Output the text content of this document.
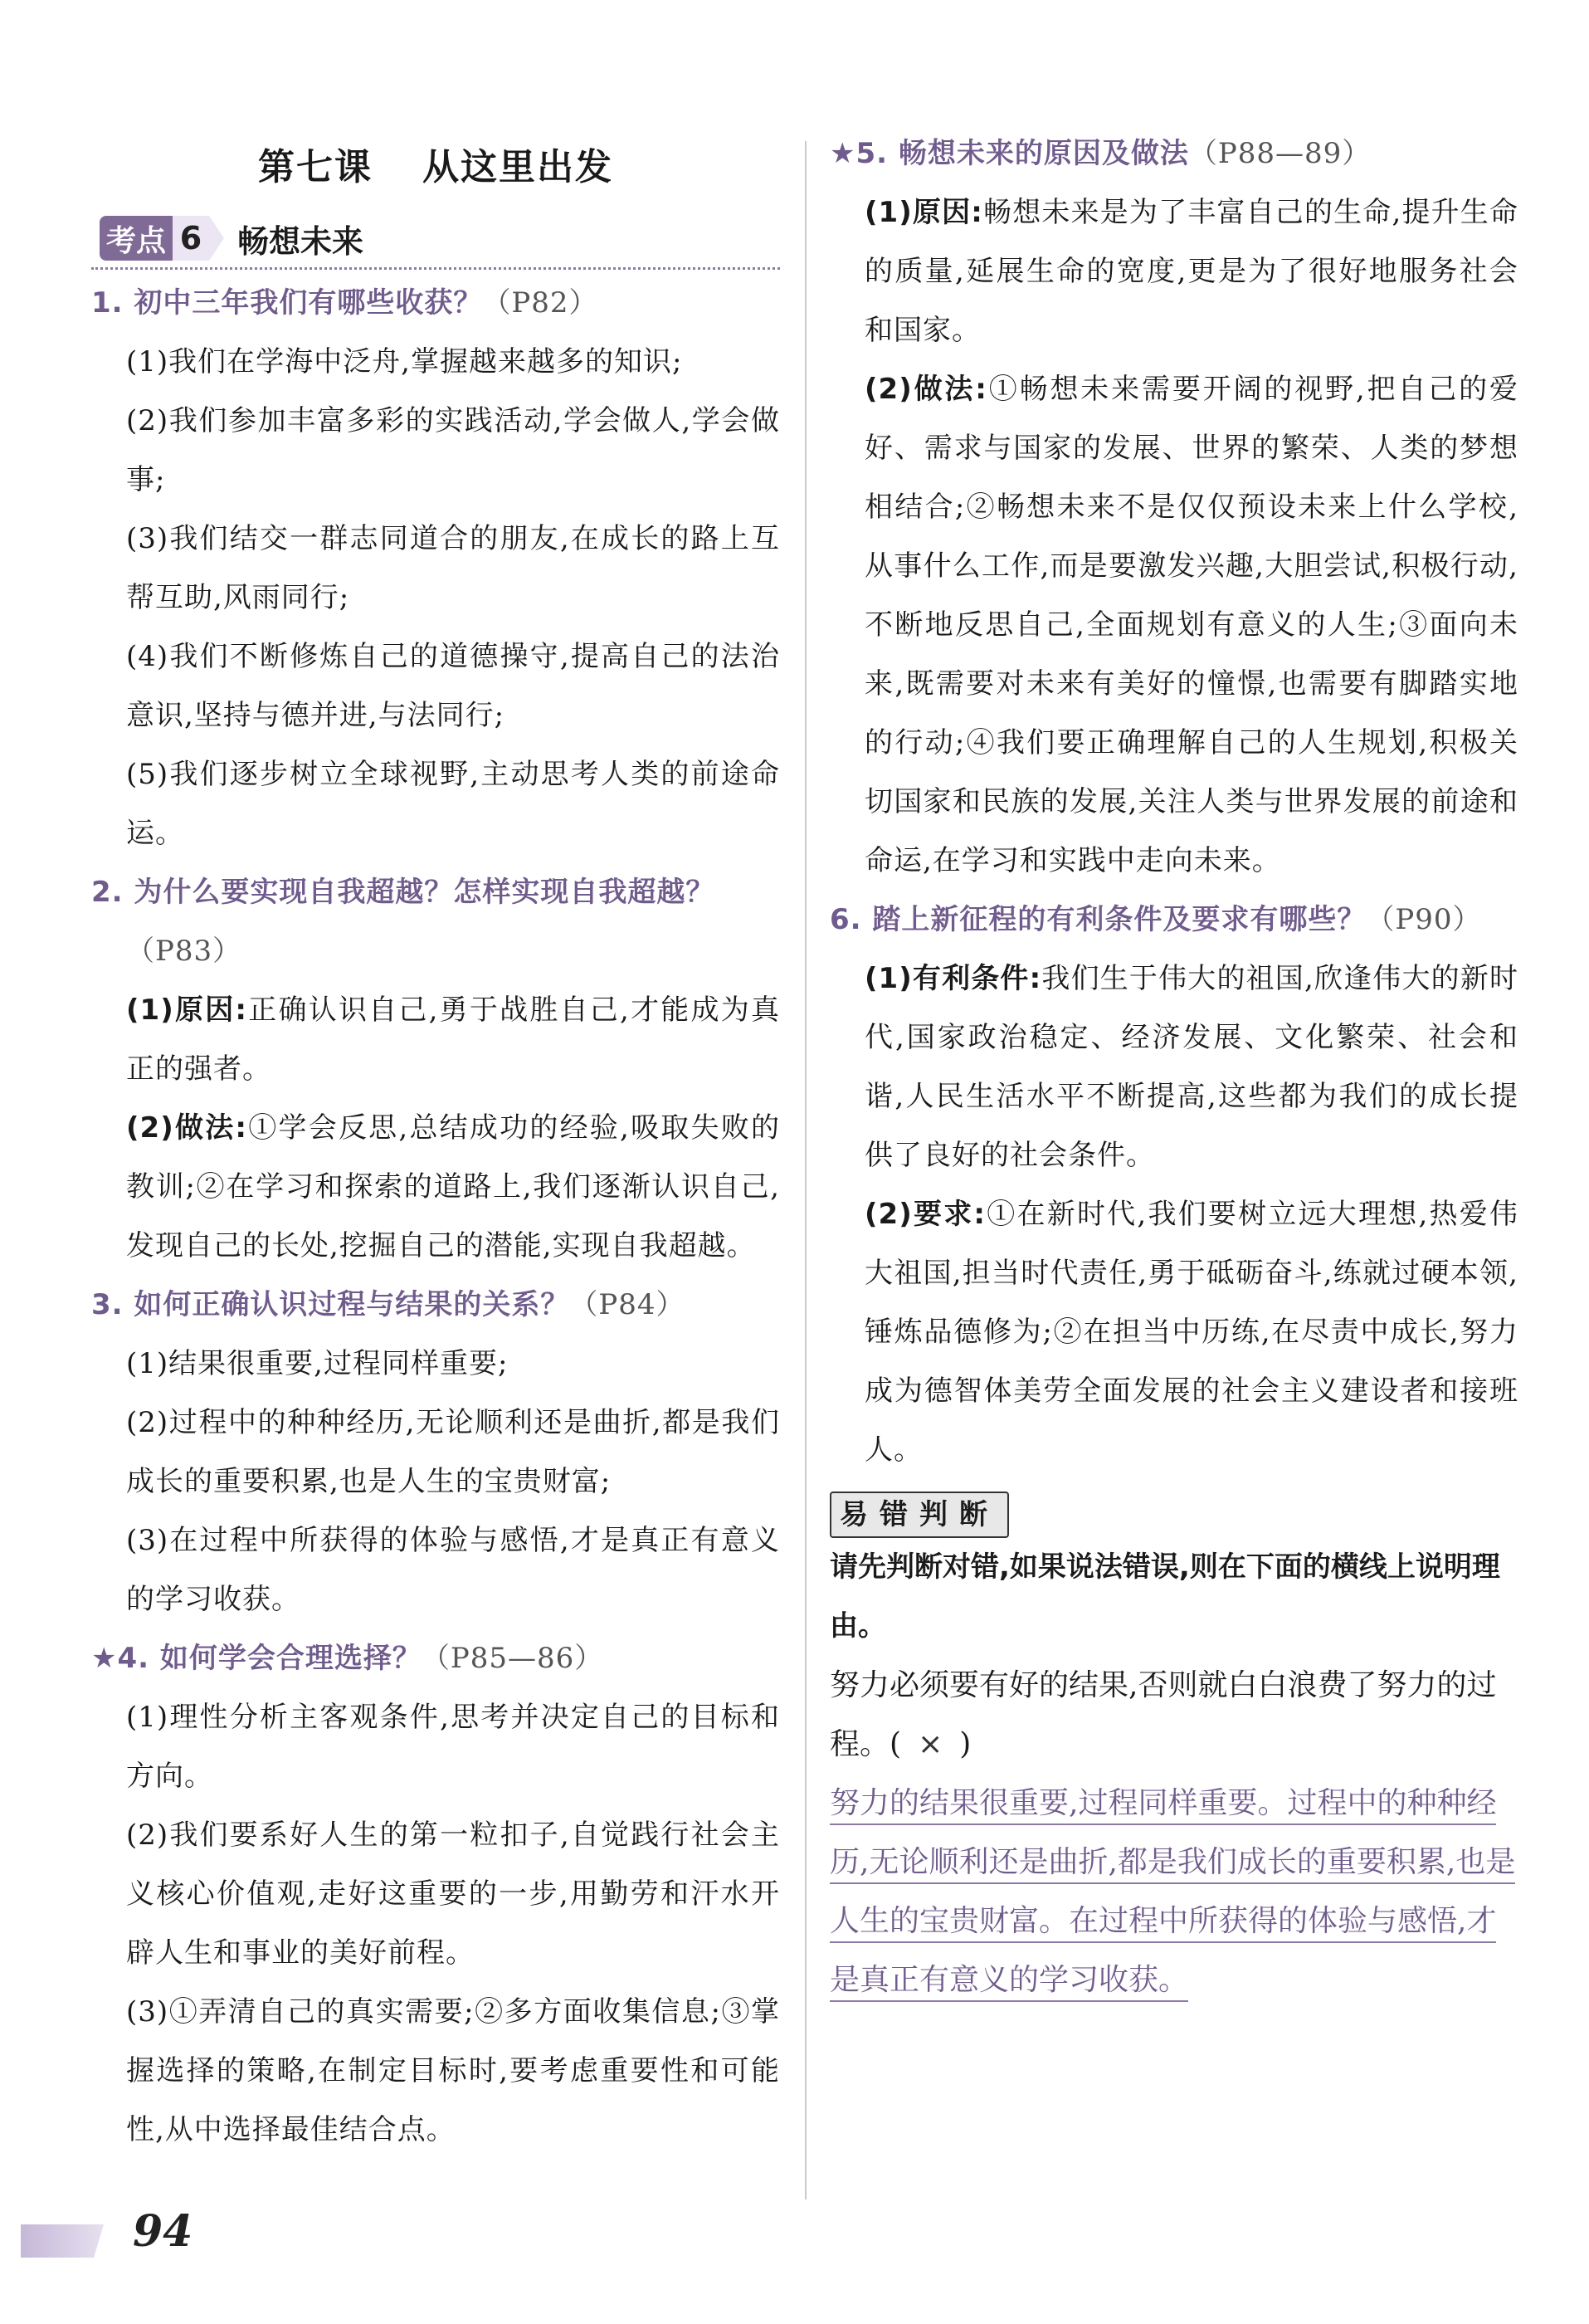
第七课 从这里出发
考点 6 畅想未来

1. 初中三年我们有哪些收获？（P82）

(1)我们在学海中泛舟,掌握越来越多的知识;

(2)我们参加丰富多彩的实践活动,学会做人,学会做事;

(3)我们结交一群志同道合的朋友,在成长的路上互帮互助,风雨同行;

(4)我们不断修炼自己的道德操守,提高自己的法治意识,坚持与德并进,与法同行;

(5)我们逐步树立全球视野,主动思考人类的前途命运。

2. 为什么要实现自我超越？怎样实现自我超越？（P83）

(1)原因:正确认识自己,勇于战胜自己,才能成为真正的强者。

(2)做法:①学会反思,总结成功的经验,吸取失败的教训;②在学习和探索的道路上,我们逐渐认识自己,发现自己的长处,挖掘自己的潜能,实现自我超越。

3. 如何正确认识过程与结果的关系？（P84）

(1)结果很重要,过程同样重要;

(2)过程中的种种经历,无论顺利还是曲折,都是我们成长的重要积累,也是人生的宝贵财富;

(3)在过程中所获得的体验与感悟,才是真正有意义的学习收获。

★4. 如何学会合理选择？（P85—86）

(1)理性分析主客观条件,思考并决定自己的目标和方向。

(2)我们要系好人生的第一粒扣子,自觉践行社会主义核心价值观,走好这重要的一步,用勤劳和汗水开辟人生和事业的美好前程。

(3)①弄清自己的真实需要;②多方面收集信息;③掌握选择的策略,在制定目标时,要考虑重要性和可能性,从中选择最佳结合点。

★5. 畅想未来的原因及做法（P88—89）

(1)原因:畅想未来是为了丰富自己的生命,提升生命的质量,延展生命的宽度,更是为了很好地服务社会和国家。

(2)做法:①畅想未来需要开阔的视野,把自己的爱好、需求与国家的发展、世界的繁荣、人类的梦想相结合;②畅想未来不是仅仅预设未来上什么学校,从事什么工作,而是要激发兴趣,大胆尝试,积极行动,不断地反思自己,全面规划有意义的人生;③面向未来,既需要对未来有美好的憧憬,也需要有脚踏实地的行动;④我们要正确理解自己的人生规划,积极关切国家和民族的发展,关注人类与世界发展的前途和命运,在学习和实践中走向未来。

6. 踏上新征程的有利条件及要求有哪些？（P90）

(1)有利条件:我们生于伟大的祖国,欣逢伟大的新时代,国家政治稳定、经济发展、文化繁荣、社会和谐,人民生活水平不断提高,这些都为我们的成长提供了良好的社会条件。

(2)要求:①在新时代,我们要树立远大理想,热爱伟大祖国,担当时代责任,勇于砥砺奋斗,练就过硬本领,锤炼品德修为;②在担当中历练,在尽责中成长,努力成为德智体美劳全面发展的社会主义建设者和接班人。

易错判断

请先判断对错,如果说法错误,则在下面的横线上说明理由。

努力必须要有好的结果,否则就白白浪费了努力的过程。( × )

努力的结果很重要,过程同样重要。过程中的种种经历,无论顺利还是曲折,都是我们成长的重要积累,也是人生的宝贵财富。在过程中所获得的体验与感悟,才是真正有意义的学习收获。

94
